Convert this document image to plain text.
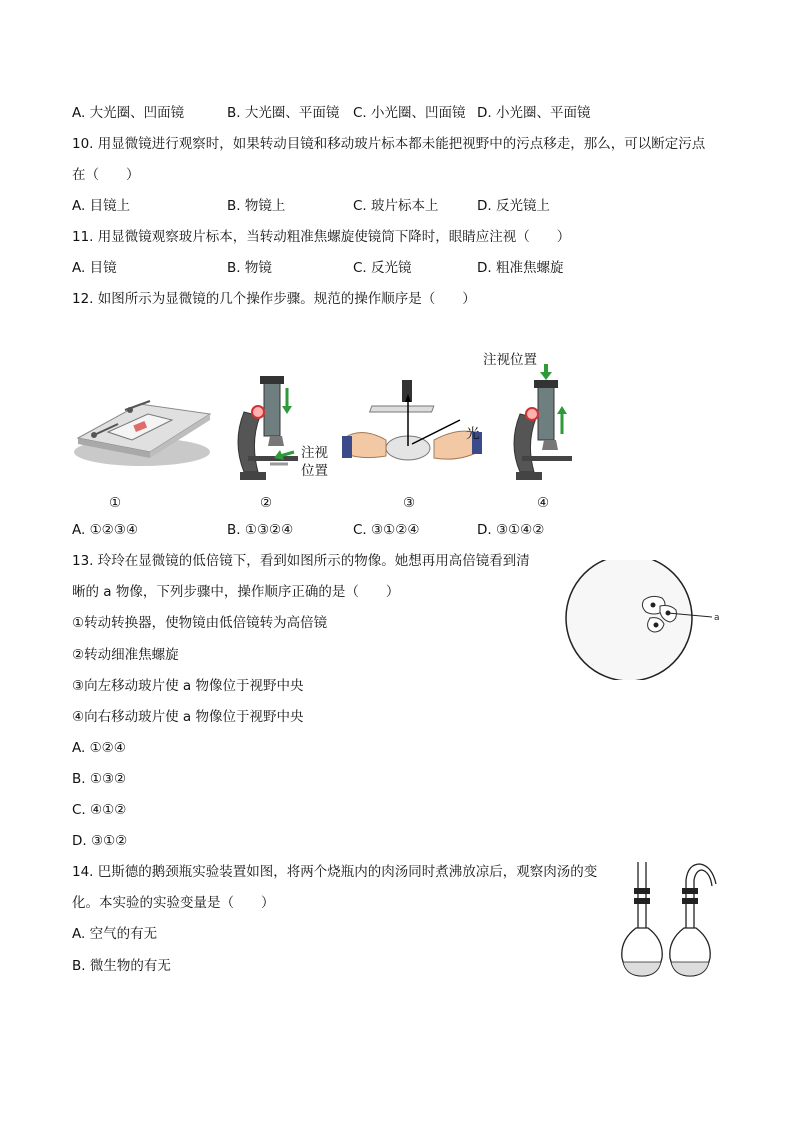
A. 大光圈、凹面镜	B. 大光圈、平面镜 C. 小光圈、凹面镜 D. 小光圈、平面镜
10. 用显微镜进行观察时，如果转动目镜和移动玻片标本都未能把视野中的污点移走，那么，可以断定污点
在（　　）
A. 目镜上	B. 物镜上	C. 玻片标本上	D. 反光镜上
11. 用显微镜观察玻片标本，当转动粗准焦螺旋使镜筒下降时，眼睛应注视（　　）
A. 目镜	B. 物镜	C. 反光镜	D. 粗准焦螺旋
12. 如图所示为显微镜的几个操作步骤。规范的操作顺序是（　　）
①
注视
位置
②
光
③
注视位置
④
A. ①②③④	B. ①③②④	C. ③①②④	D. ③①④②
13. 玲玲在显微镜的低倍镜下，看到如图所示的物像。她想再用高倍镜看到清
晰的 a 物像，下列步骤中，操作顺序正确的是（　　）
①转动转换器，使物镜由低倍镜转为高倍镜
②转动细准焦螺旋
③向左移动玻片使 a 物像位于视野中央
④向右移动玻片使 a 物像位于视野中央
A. ①②④
B. ①③②
C. ④①②
D. ③①②
a
14. 巴斯德的鹅颈瓶实验装置如图，将两个烧瓶内的肉汤同时煮沸放凉后，观察肉汤的变
化。本实验的实验变量是（　　）
A. 空气的有无
B. 微生物的有无
